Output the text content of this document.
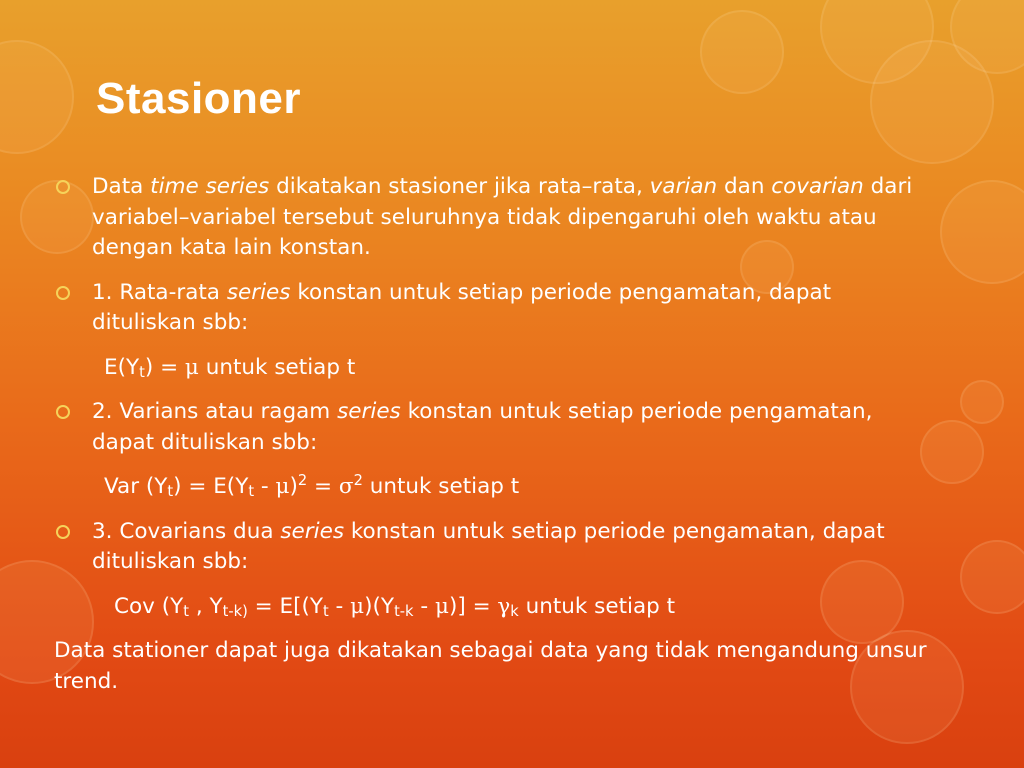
Stasioner
Data time series dikatakan stasioner jika rata–rata, varian dan covarian dari variabel–variabel tersebut seluruhnya tidak dipengaruhi oleh waktu atau dengan kata lain konstan.
1. Rata-rata series konstan untuk setiap periode pengamatan, dapat dituliskan sbb:
$E(Y_t) = \mu$ untuk setiap t
2. Varians atau ragam series konstan untuk setiap periode pengamatan, dapat dituliskan sbb:
Var $(Y_t) = E(Y_t - \mu)^2 = \sigma^2$ untuk setiap t
3. Covarians dua series konstan untuk setiap periode pengamatan, dapat dituliskan sbb:
Cov ($Y_t$ , $Y_{t-k)} = E[(Y_t - \mu)(Y_{t-k} - \mu)] = \gamma_k$ untuk setiap t
Data stationer dapat juga dikatakan sebagai data yang tidak mengandung unsur trend.
